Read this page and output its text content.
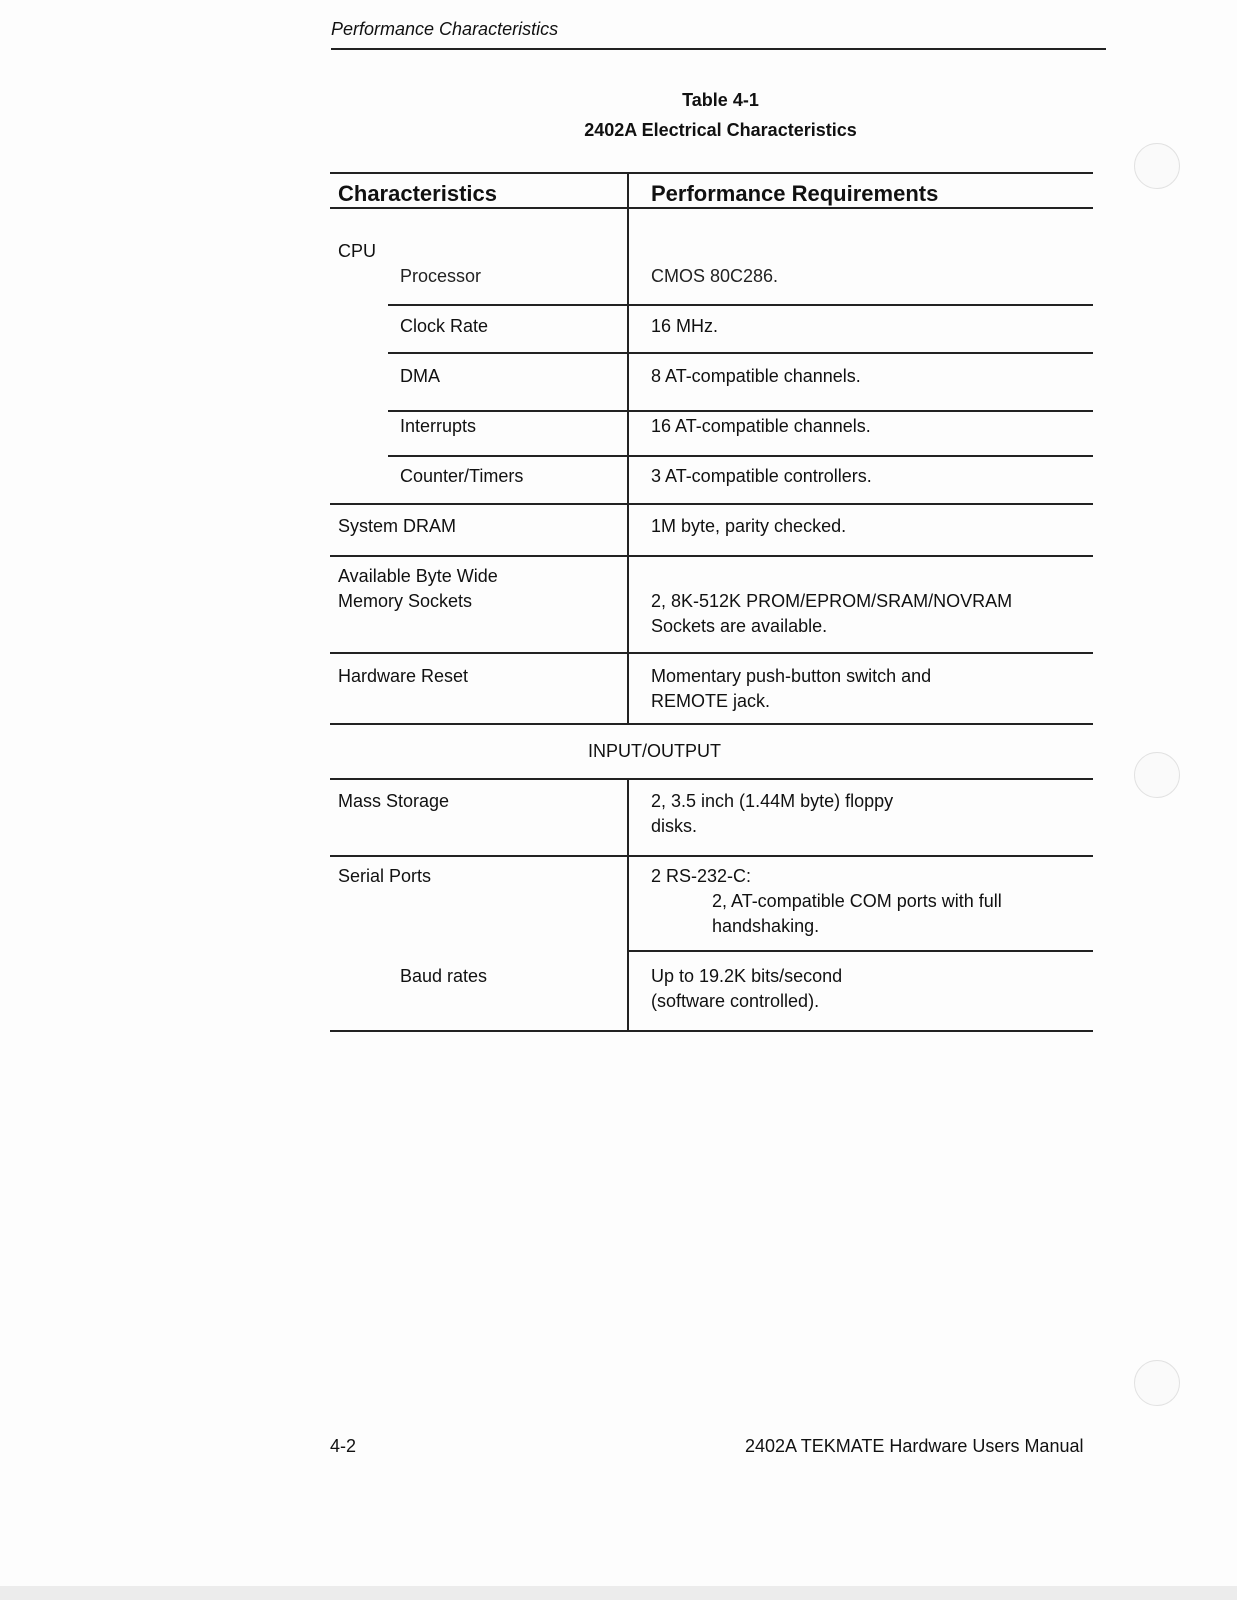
Performance Characteristics
Table 4-1
2402A Electrical Characteristics
Characteristics	Performance Requirements
CPU
Processor	CMOS 80C286.
Clock Rate	16 MHz.
DMA	8 AT-compatible channels.
Interrupts	16 AT-compatible channels.
Counter/Timers	3 AT-compatible controllers.
System DRAM	1M byte, parity checked.
Available Byte Wide
Memory Sockets	2, 8K-512K PROM/EPROM/SRAM/NOVRAM
Sockets are available.
Hardware Reset	Momentary push-button switch and
REMOTE jack.
INPUT/OUTPUT
Mass Storage	2, 3.5 inch (1.44M byte) floppy
disks.
Serial Ports	2 RS-232-C:
2, AT-compatible COM ports with full
handshaking.
Baud rates	Up to 19.2K bits/second
(software controlled).
4-2	2402A TEKMATE Hardware Users Manual
